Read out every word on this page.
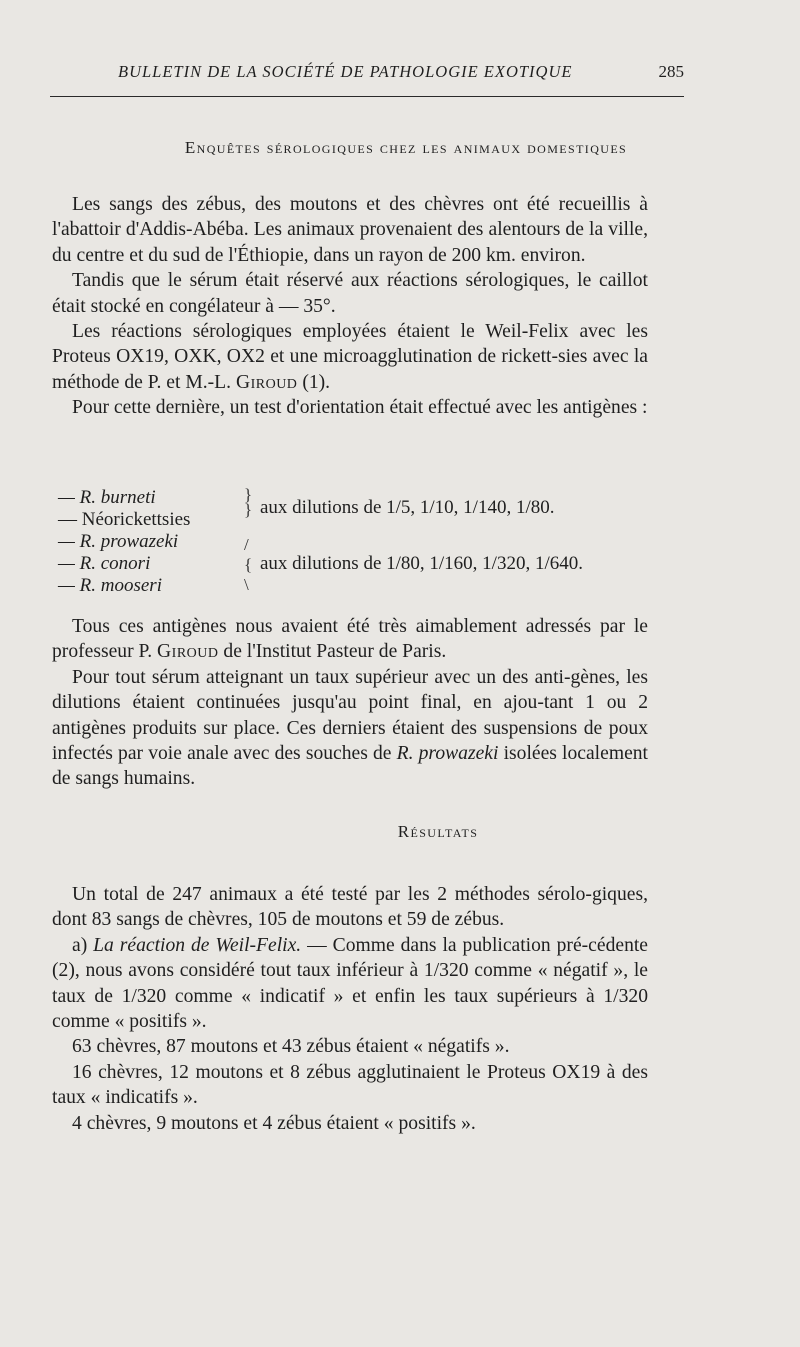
BULLETIN DE LA SOCIÉTÉ DE PATHOLOGIE EXOTIQUE	285
Enquêtes sérologiques chez les animaux domestiques

Les sangs des zébus, des moutons et des chèvres ont été recueillis à l'abattoir d'Addis-Abéba. Les animaux provenaient des alentours de la ville, du centre et du sud de l'Éthiopie, dans un rayon de 200 km. environ.

Tandis que le sérum était réservé aux réactions sérologiques, le caillot était stocké en congélateur à — 35°.

Les réactions sérologiques employées étaient le Weil-Felix avec les Proteus OX19, OXK, OX2 et une microagglutination de rickett-sies avec la méthode de P. et M.-L. Giroud (1).

Pour cette dernière, un test d'orientation était effectué avec les antigènes :

— R. burneti
— Néorickettsies
}
} aux dilutions de 1/5, 1/10, 1/140, 1/80.
— R. prowazeki
— R. conori
— R. mooseri
/
{
\
aux dilutions de 1/80, 1/160, 1/320, 1/640.

Tous ces antigènes nous avaient été très aimablement adressés par le professeur P. Giroud de l'Institut Pasteur de Paris.

Pour tout sérum atteignant un taux supérieur avec un des anti-gènes, les dilutions étaient continuées jusqu'au point final, en ajou-tant 1 ou 2 antigènes produits sur place. Ces derniers étaient des suspensions de poux infectés par voie anale avec des souches de R. prowazeki isolées localement de sangs humains.

Résultats

Un total de 247 animaux a été testé par les 2 méthodes sérolo-giques, dont 83 sangs de chèvres, 105 de moutons et 59 de zébus.

a) La réaction de Weil-Felix. — Comme dans la publication pré-cédente (2), nous avons considéré tout taux inférieur à 1/320 comme « négatif », le taux de 1/320 comme « indicatif » et enfin les taux supérieurs à 1/320 comme « positifs ».

63 chèvres, 87 moutons et 43 zébus étaient « négatifs ».

16 chèvres, 12 moutons et 8 zébus agglutinaient le Proteus OX19 à des taux « indicatifs ».

4 chèvres, 9 moutons et 4 zébus étaient « positifs ».
